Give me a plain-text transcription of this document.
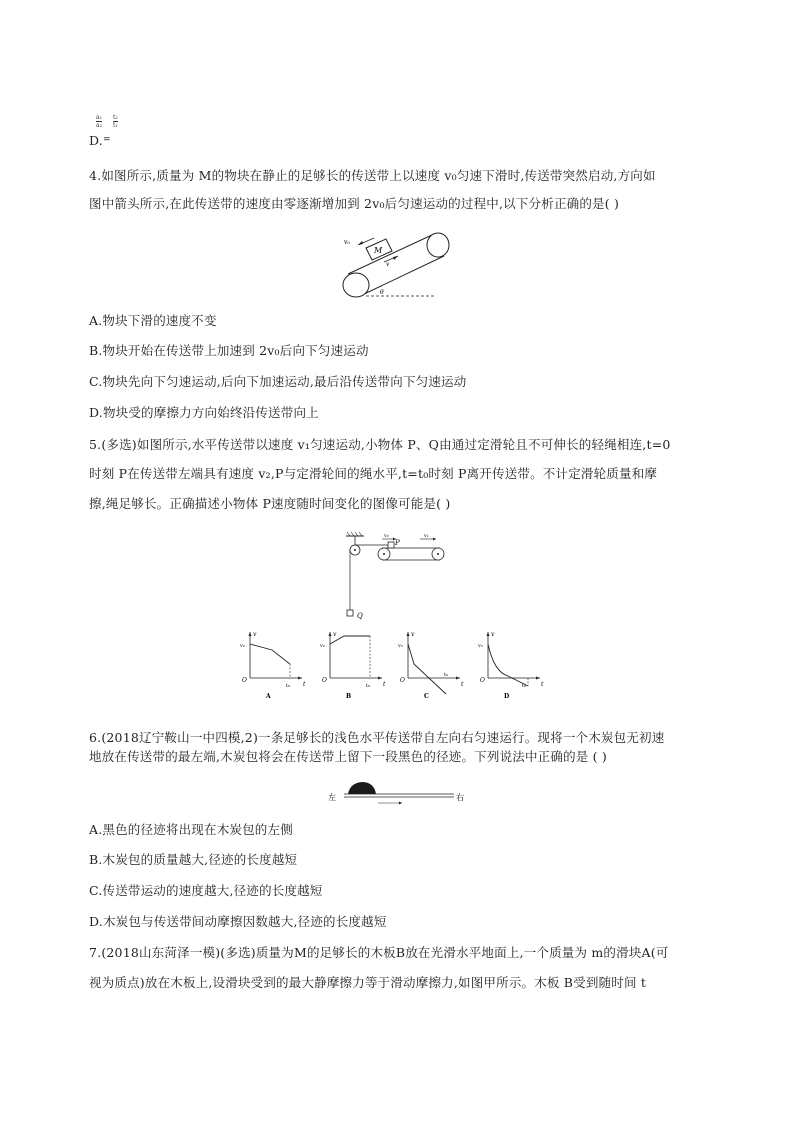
$\frac{\text{a₁}}{\text{a₂}} \frac{\text{t₂}}{\text{t₁}}$
D.=
4.如图所示,质量为 M的物块在静止的足够长的传送带上以速度 v₀匀速下滑时,传送带突然启动,方向如
图中箭头所示,在此传送带的速度由零逐渐增加到 2v₀后匀速运动的过程中,以下分析正确的是( )
M
v₀
v
θ
A.物块下滑的速度不变
B.物块开始在传送带上加速到 2v₀后向下匀速运动
C.物块先向下匀速运动,后向下加速运动,最后沿传送带向下匀速运动
D.物块受的摩擦力方向始终沿传送带向上
5.(多选)如图所示,水平传送带以速度 v₁匀速运动,小物体 P、Q由通过定滑轮且不可伸长的轻绳相连,t=0
时刻 P在传送带左端具有速度 v₂,P与定滑轮间的绳水平,t=t₀时刻 P离开传送带。不计定滑轮质量和摩
擦,绳足够长。正确描述小物体 P速度随时间变化的图像可能是( )
Q
P
v₂	v₁
v
t
O
v₂
t₀
A
v
t
O
v₂
t₀
B
v
t
O
v₂
t₀
C
v
t
O
v₂
t₀
D
6.(2018辽宁鞍山一中四模,2)一条足够长的浅色水平传送带自左向右匀速运行。现将一个木炭包无初速
地放在传送带的最左端,木炭包将会在传送带上留下一段黑色的径迹。下列说法中正确的是 ( )
左	右
A.黑色的径迹将出现在木炭包的左侧
B.木炭包的质量越大,径迹的长度越短
C.传送带运动的速度越大,径迹的长度越短
D.木炭包与传送带间动摩擦因数越大,径迹的长度越短
7.(2018山东菏泽一模)(多选)质量为M的足够长的木板B放在光滑水平地面上,一个质量为 m的滑块A(可
视为质点)放在木板上,设滑块受到的最大静摩擦力等于滑动摩擦力,如图甲所示。木板 B受到随时间 t
